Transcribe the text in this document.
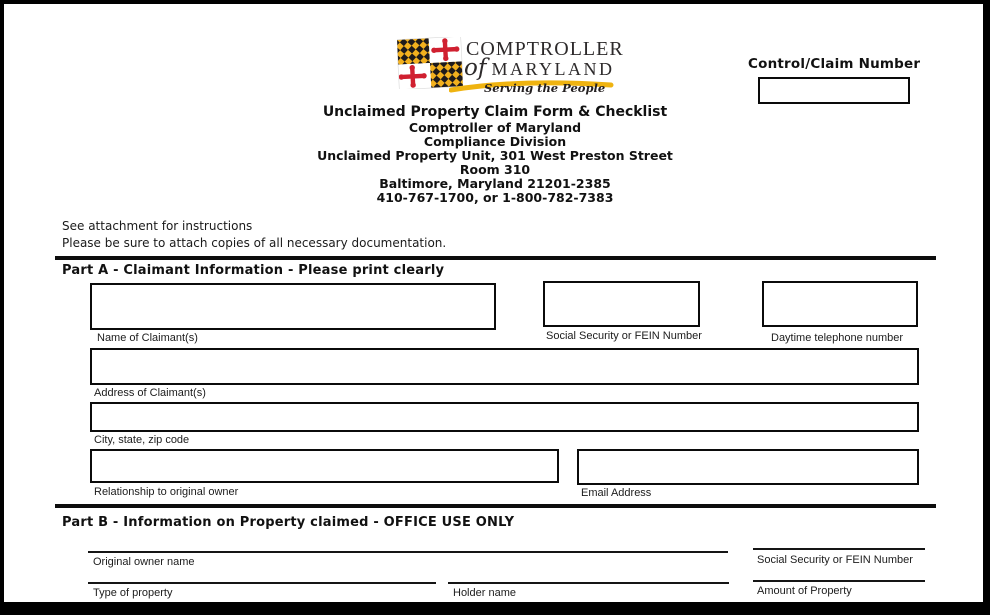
COMPTROLLER
of MARYLAND
Serving the People
Control/Claim Number
Unclaimed Property Claim Form & Checklist
Comptroller of Maryland
Compliance Division
Unclaimed Property Unit, 301 West Preston Street
Room 310
Baltimore, Maryland 21201-2385
410-767-1700, or 1-800-782-7383
See attachment for instructions
Please be sure to attach copies of all necessary documentation.
Part A - Claimant Information - Please print clearly
Name of Claimant(s)	Social Security or FEIN Number	Daytime telephone number
Address of Claimant(s)
City, state, zip code
Relationship to original owner	Email Address
Part B - Information on Property claimed - OFFICE USE ONLY
Original owner name	Social Security or FEIN Number
Type of property	Holder name	Amount of Property
